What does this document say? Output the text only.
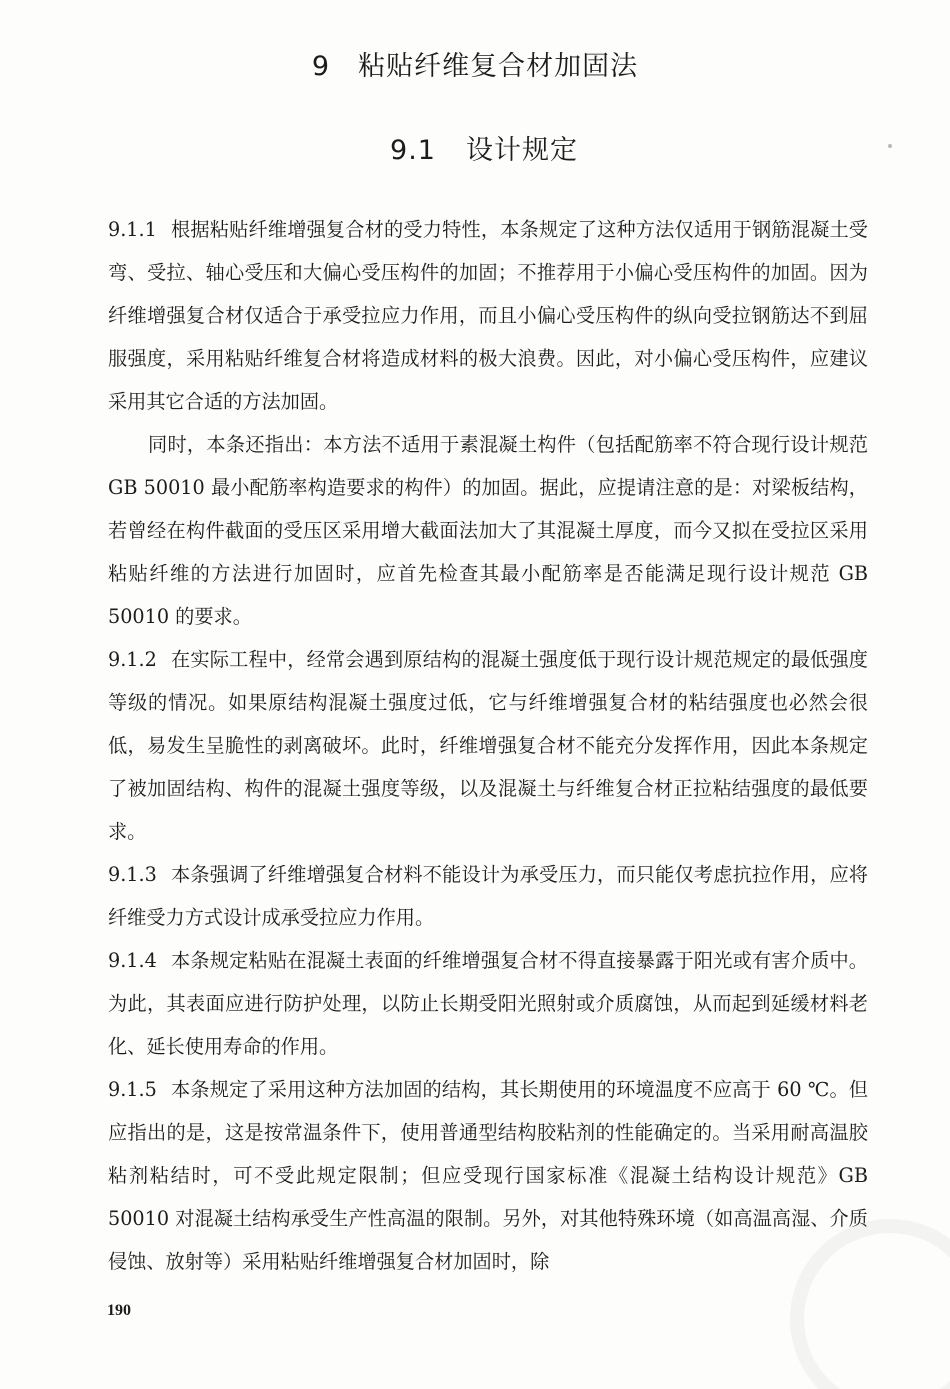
9 粘贴纤维复合材加固法
9.1 设计规定

9.1.1 根据粘贴纤维增强复合材的受力特性，本条规定了这种方法仅适用于钢筋混凝土受弯、受拉、轴心受压和大偏心受压构件的加固；不推荐用于小偏心受压构件的加固。因为纤维增强复合材仅适合于承受拉应力作用，而且小偏心受压构件的纵向受拉钢筋达不到屈服强度，采用粘贴纤维复合材将造成材料的极大浪费。因此，对小偏心受压构件，应建议采用其它合适的方法加固。

同时，本条还指出：本方法不适用于素混凝土构件（包括配筋率不符合现行设计规范 GB 50010 最小配筋率构造要求的构件）的加固。据此，应提请注意的是：对梁板结构，若曾经在构件截面的受压区采用增大截面法加大了其混凝土厚度，而今又拟在受拉区采用粘贴纤维的方法进行加固时，应首先检查其最小配筋率是否能满足现行设计规范 GB 50010 的要求。

9.1.2 在实际工程中，经常会遇到原结构的混凝土强度低于现行设计规范规定的最低强度等级的情况。如果原结构混凝土强度过低，它与纤维增强复合材的粘结强度也必然会很低，易发生呈脆性的剥离破坏。此时，纤维增强复合材不能充分发挥作用，因此本条规定了被加固结构、构件的混凝土强度等级，以及混凝土与纤维复合材正拉粘结强度的最低要求。

9.1.3 本条强调了纤维增强复合材料不能设计为承受压力，而只能仅考虑抗拉作用，应将纤维受力方式设计成承受拉应力作用。

9.1.4 本条规定粘贴在混凝土表面的纤维增强复合材不得直接暴露于阳光或有害介质中。为此，其表面应进行防护处理，以防止长期受阳光照射或介质腐蚀，从而起到延缓材料老化、延长使用寿命的作用。

9.1.5 本条规定了采用这种方法加固的结构，其长期使用的环境温度不应高于 60 ℃。但应指出的是，这是按常温条件下，使用普通型结构胶粘剂的性能确定的。当采用耐高温胶粘剂粘结时，可不受此规定限制；但应受现行国家标准《混凝土结构设计规范》GB 50010 对混凝土结构承受生产性高温的限制。另外，对其他特殊环境（如高温高湿、介质侵蚀、放射等）采用粘贴纤维增强复合材加固时，除

190
